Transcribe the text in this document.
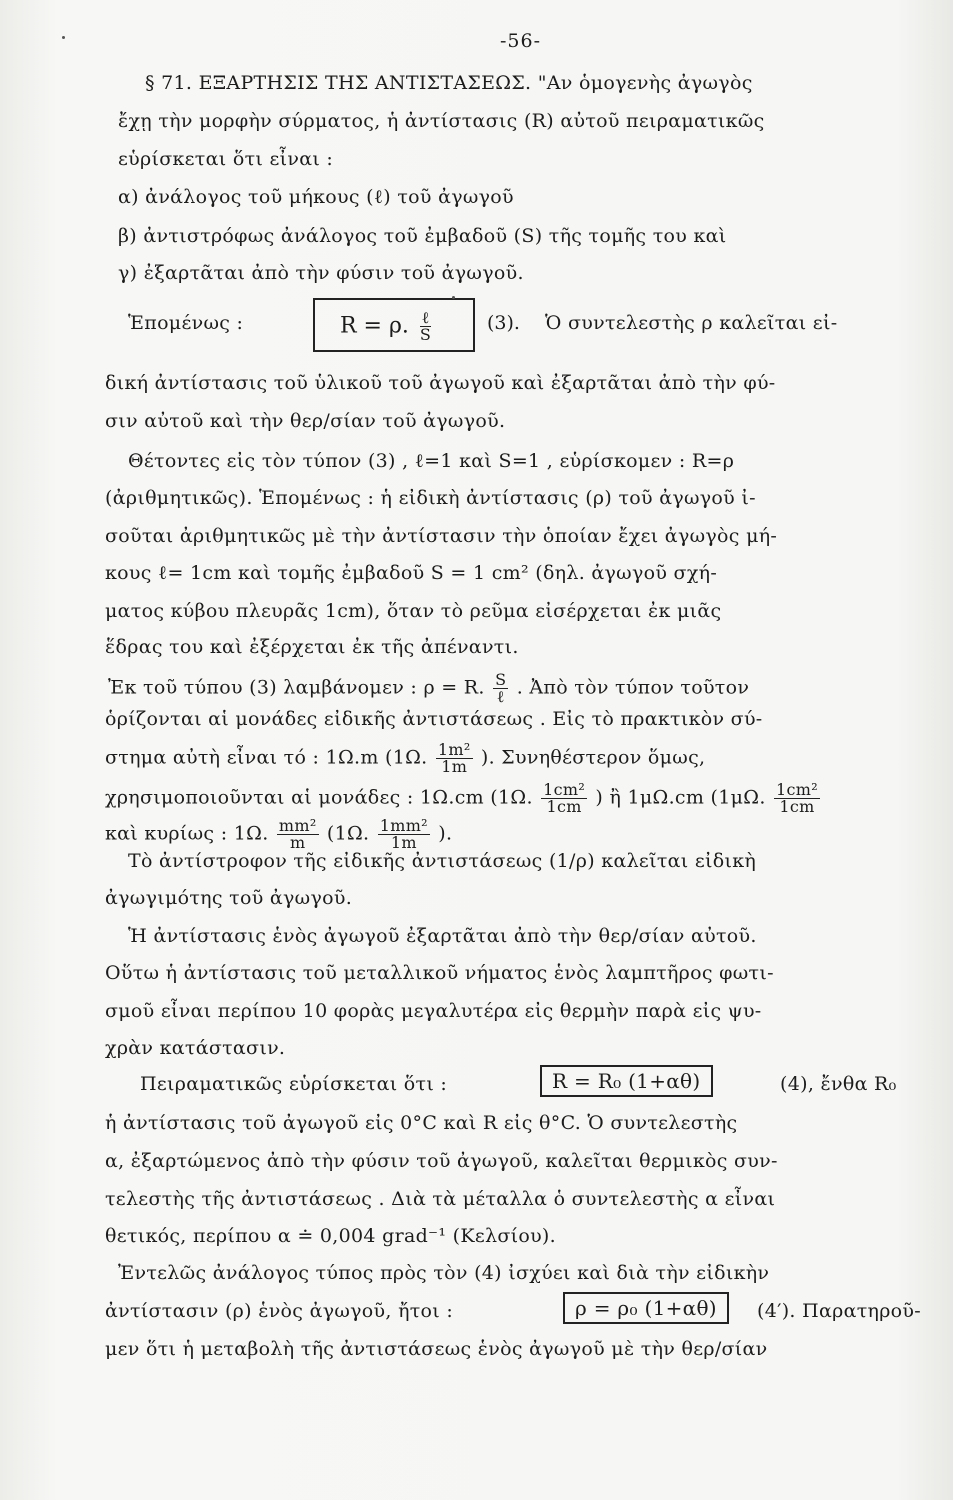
-56-
§ 71. ΕΞΑΡΤΗΣΙΣ ΤΗΣ ΑΝΤΙΣΤΑΣΕΩΣ. "Αν ὁμογενὴς ἀγωγὸς
ἔχῃ τὴν μορφὴν σύρματος, ἡ ἀντίστασις (R) αὐτοῦ πειραματικῶς
εὑρίσκεται ὅτι εἶναι :
α) ἀνάλογος τοῦ μήκους (ℓ) τοῦ ἀγωγοῦ
β) ἀντιστρόφως ἀνάλογος τοῦ ἐμβαδοῦ (S) τῆς τομῆς του καὶ
γ) ἐξαρτᾶται ἀπὸ τὴν φύσιν τοῦ ἀγωγοῦ.
Ἑπομένως :	R = ρ. $\frac{\text{ℓ}}{S}$	(3). Ὁ συντελεστὴς ρ καλεῖται εἰ-
δική ἀντίστασις τοῦ ὑλικοῦ τοῦ ἀγωγοῦ καὶ ἐξαρτᾶται ἀπὸ τὴν φύ-
σιν αὐτοῦ καὶ τὴν θερ/σίαν τοῦ ἀγωγοῦ.
Θέτοντες εἰς τὸν τύπον (3) , ℓ=1 καὶ S=1 , εὑρίσκομεν : R=ρ
(ἀριθμητικῶς). Ἑπομένως : ἡ εἰδικὴ ἀντίστασις (ρ) τοῦ ἀγωγοῦ ἰ-
σοῦται ἀριθμητικῶς μὲ τὴν ἀντίστασιν τὴν ὁποίαν ἔχει ἀγωγὸς μή-
κους ℓ= 1cm καὶ τομῆς ἐμβαδοῦ S = 1 cm² (δηλ. ἀγωγοῦ σχή-
ματος κύβου πλευρᾶς 1cm), ὅταν τὸ ρεῦμα εἰσέρχεται ἐκ μιᾶς
ἕδρας του καὶ ἐξέρχεται ἐκ τῆς ἀπέναντι.
Ἐκ τοῦ τύπου (3) λαμβάνομεν : ρ = R. $\frac{S}{\text{ℓ}}$ . Ἀπὸ τὸν τύπον τοῦτον
ὁρίζονται αἱ μονάδες εἰδικῆς ἀντιστάσεως . Εἰς τὸ πρακτικὸν σύ-
στημα αὐτὴ εἶναι τό : 1Ω.m (1Ω. $\frac{\text{1m²}}{1m}$ ). Συνηθέστερον ὅμως,
χρησιμοποιοῦνται αἱ μονάδες : 1Ω.cm (1Ω. $\frac{\text{1cm²}}{1cm}$ ) ἢ 1μΩ.cm (1μΩ. $\frac{\text{1cm²}}{1cm}$
καὶ κυρίως : 1Ω. $\frac{\text{mm²}}{m} (1\Omega$. $\frac{\text{1mm²}}{1m}$ ).
Τὸ ἀντίστροφον τῆς εἰδικῆς ἀντιστάσεως (1/ρ) καλεῖται εἰδικὴ
ἀγωγιμότης τοῦ ἀγωγοῦ.
Ἡ ἀντίστασις ἑνὸς ἀγωγοῦ ἐξαρτᾶται ἀπὸ τὴν θερ/σίαν αὐτοῦ.
Οὕτω ἡ ἀντίστασις τοῦ μεταλλικοῦ νήματος ἑνὸς λαμπτῆρος φωτι-
σμοῦ εἶναι περίπου 10 φορὰς μεγαλυτέρα εἰς θερμὴν παρὰ εἰς ψυ-
χρὰν κατάστασιν.
Πειραματικῶς εὑρίσκεται ὅτι :	R = R₀ (1+αθ)	(4), ἔνθα R₀
ἡ ἀντίστασις τοῦ ἀγωγοῦ εἰς 0°C καὶ R εἰς θ°C. Ὁ συντελεστὴς
α, ἐξαρτώμενος ἀπὸ τὴν φύσιν τοῦ ἀγωγοῦ, καλεῖται θερμικὸς συν-
τελεστὴς τῆς ἀντιστάσεως . Διὰ τὰ μέταλλα ὁ συντελεστὴς α εἶναι
θετικός, περίπου α ≐ 0,004 grad⁻¹ (Κελσίου).
Ἐντελῶς ἀνάλογος τύπος πρὸς τὸν (4) ἰσχύει καὶ διὰ τὴν εἰδικὴν
ἀντίστασιν (ρ) ἑνὸς ἀγωγοῦ, ἤτοι :	ρ = ρ₀ (1+αθ)	(4′). Παρατηροῦ-
μεν ὅτι ἡ μεταβολὴ τῆς ἀντιστάσεως ἑνὸς ἀγωγοῦ μὲ τὴν θερ/σίαν
